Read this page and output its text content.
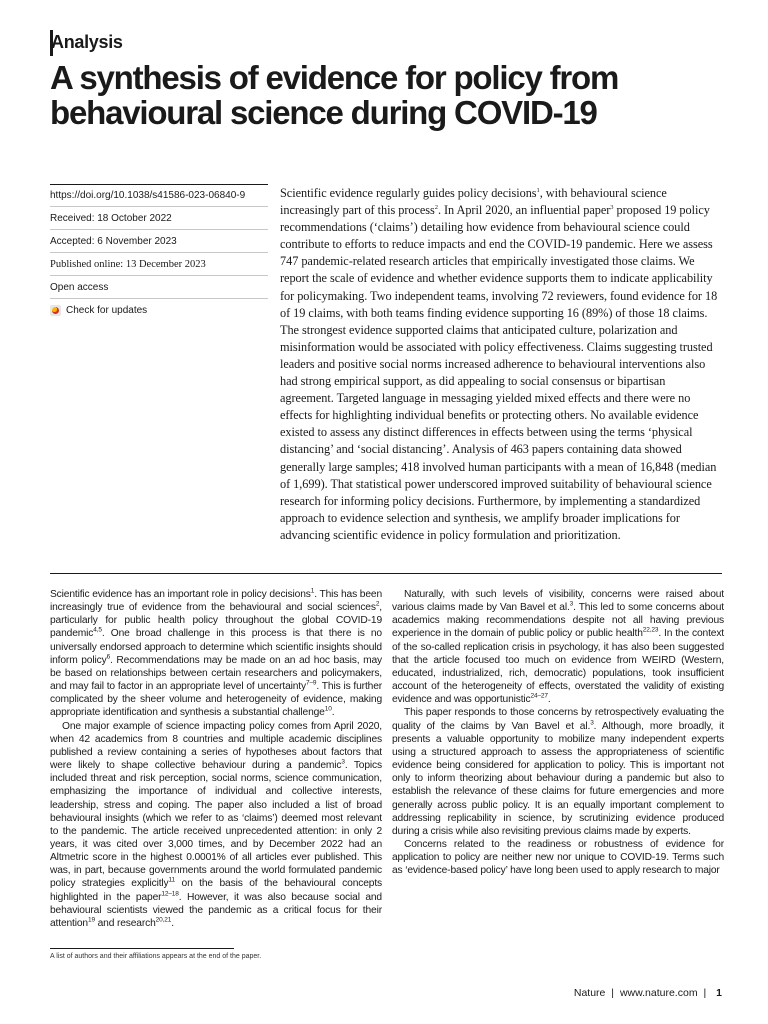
Analysis
A synthesis of evidence for policy from behavioural science during COVID-19
https://doi.org/10.1038/s41586-023-06840-9
Received: 18 October 2022
Accepted: 6 November 2023
Published online: 13 December 2023
Open access
Check for updates

Scientific evidence regularly guides policy decisions$^1$, with behavioural science increasingly part of this process$^2$. In April 2020, an influential paper$^3$ proposed 19 policy recommendations (‘claims’) detailing how evidence from behavioural science could contribute to efforts to reduce impacts and end the COVID-19 pandemic. Here we assess 747 pandemic-related research articles that empirically investigated those claims. We report the scale of evidence and whether evidence supports them to indicate applicability for policymaking. Two independent teams, involving 72 reviewers, found evidence for 18 of 19 claims, with both teams finding evidence supporting 16 (89%) of those 18 claims. The strongest evidence supported claims that anticipated culture, polarization and misinformation would be associated with policy effectiveness. Claims suggesting trusted leaders and positive social norms increased adherence to behavioural interventions also had strong empirical support, as did appealing to social consensus or bipartisan agreement. Targeted language in messaging yielded mixed effects and there were no effects for highlighting individual benefits or protecting others. No available evidence existed to assess any distinct differences in effects between using the terms ‘physical distancing’ and ‘social distancing’. Analysis of 463 papers containing data showed generally large samples; 418 involved human participants with a mean of 16,848 (median of 1,699). That statistical power underscored improved suitability of behavioural science research for informing policy decisions. Furthermore, by implementing a standardized approach to evidence selection and synthesis, we amplify broader implications for advancing scientific evidence in policy formulation and prioritization.

Scientific evidence has an important role in policy decisions$^1$. This has been increasingly true of evidence from the behavioural and social sciences$^2$, particularly for public health policy throughout the global COVID-19 pandemic$^{4,5}$. One broad challenge in this process is that there is no universally endorsed approach to determine which scientific insights should inform policy$^6$. Recommendations may be made on an ad hoc basis, may be based on relationships between certain researchers and policymakers, and may fail to factor in an appropriate level of uncertainty$^{7-9}$. This is further complicated by the sheer volume and heterogeneity of evidence, making appropriate identification and synthesis a substantial challenge$^{10}$.

One major example of science impacting policy comes from April 2020, when 42 academics from 8 countries and multiple academic disciplines published a review containing a series of hypotheses about factors that were likely to shape collective behaviour during a pandemic$^3$. Topics included threat and risk perception, social norms, science communication, emphasizing the importance of individual and collective interests, leadership, stress and coping. The paper also included a list of broad behavioural insights (which we refer to as ‘claims’) deemed most relevant to the pandemic. The article received unprecedented attention: in only 2 years, it was cited over 3,000 times, and by December 2022 had an Altmetric score in the highest 0.0001% of all articles ever published. This was, in part, because governments around the world formulated pandemic policy strategies explicitly$^{11}$ on the basis of the behavioural concepts highlighted in the paper$^{12-18}$. However, it was also because social and behavioural scientists viewed the pandemic as a critical focus for their attention$^{19}$ and research$^{20,21}$.

Naturally, with such levels of visibility, concerns were raised about various claims made by Van Bavel et al.$^3$. This led to some concerns about academics making recommendations despite not all having previous experience in the domain of public policy or public health$^{22,23}$. In the context of the so-called replication crisis in psychology, it has also been suggested that the article focused too much on evidence from WEIRD (Western, educated, industrialized, rich, democratic) populations, took insufficient account of the heterogeneity of effects, overstated the validity of existing evidence and was opportunistic$^{24-27}$.

This paper responds to those concerns by retrospectively evaluating the quality of the claims by Van Bavel et al.$^3$. Although, more broadly, it presents a valuable opportunity to mobilize many independent experts using a structured approach to assess the appropriateness of scientific evidence being considered for application to policy. This is important not only to inform theorizing about behaviour during a pandemic but also to establish the relevance of these claims for future emergencies and more generally across public policy. It is an equally important complement to addressing replicability in science, by scrutinizing evidence produced during a crisis while also revisiting previous claims made by experts.

Concerns related to the readiness or robustness of evidence for application to policy are neither new nor unique to COVID-19. Terms such as ‘evidence-based policy’ have long been used to apply research to major

A list of authors and their affiliations appears at the end of the paper.
Nature | www.nature.com | 1
